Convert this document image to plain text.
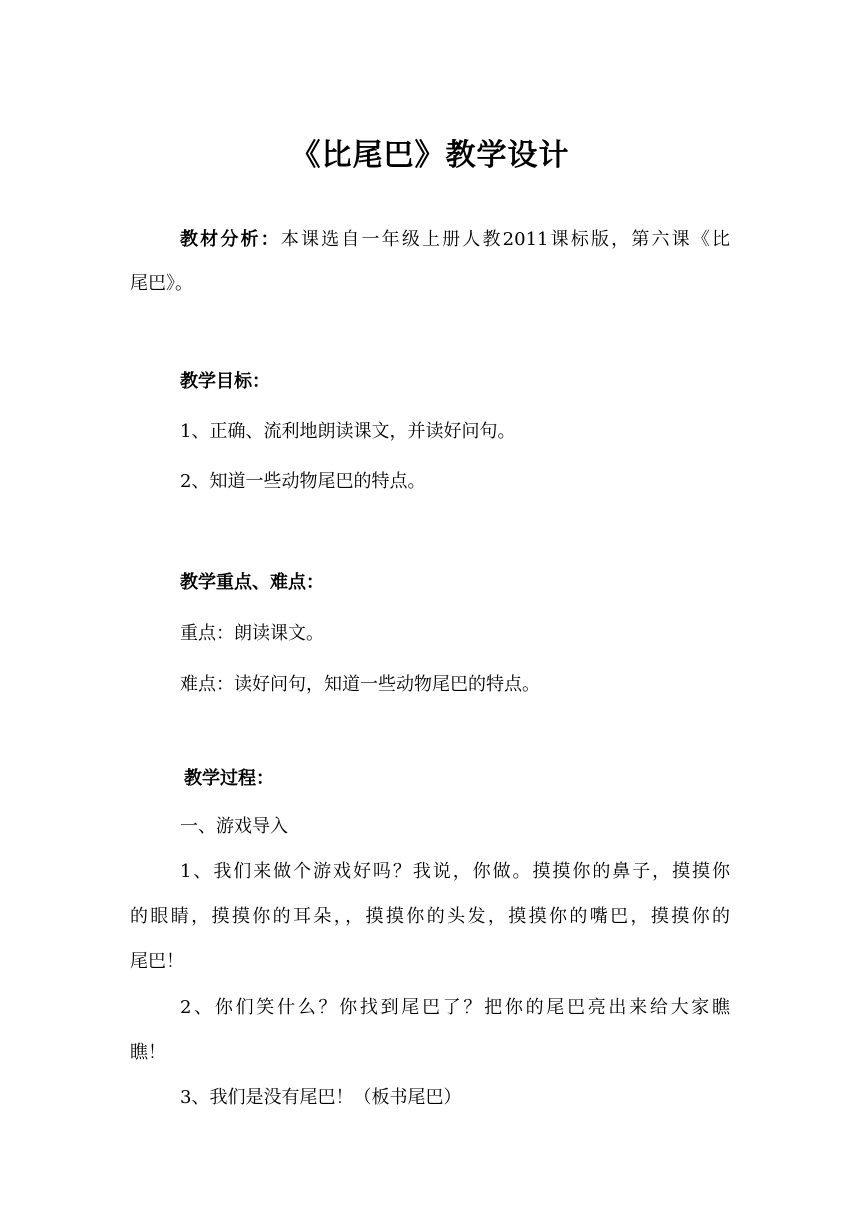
《比尾巴》教学设计
教材分析：本课选自一年级上册人教2011课标版，第六课《比
尾巴》。
教学目标：
1、正确、流利地朗读课文，并读好问句。
2、知道一些动物尾巴的特点。
教学重点、难点：
重点：朗读课文。
难点：读好问句，知道一些动物尾巴的特点。
教学过程：
一、游戏导入
1、我们来做个游戏好吗？我说，你做。摸摸你的鼻子，摸摸你
的眼睛，摸摸你的耳朵，，摸摸你的头发，摸摸你的嘴巴，摸摸你的
尾巴！
2、你们笑什么？你找到尾巴了？把你的尾巴亮出来给大家瞧
瞧！
3、我们是没有尾巴！（板书尾巴）
